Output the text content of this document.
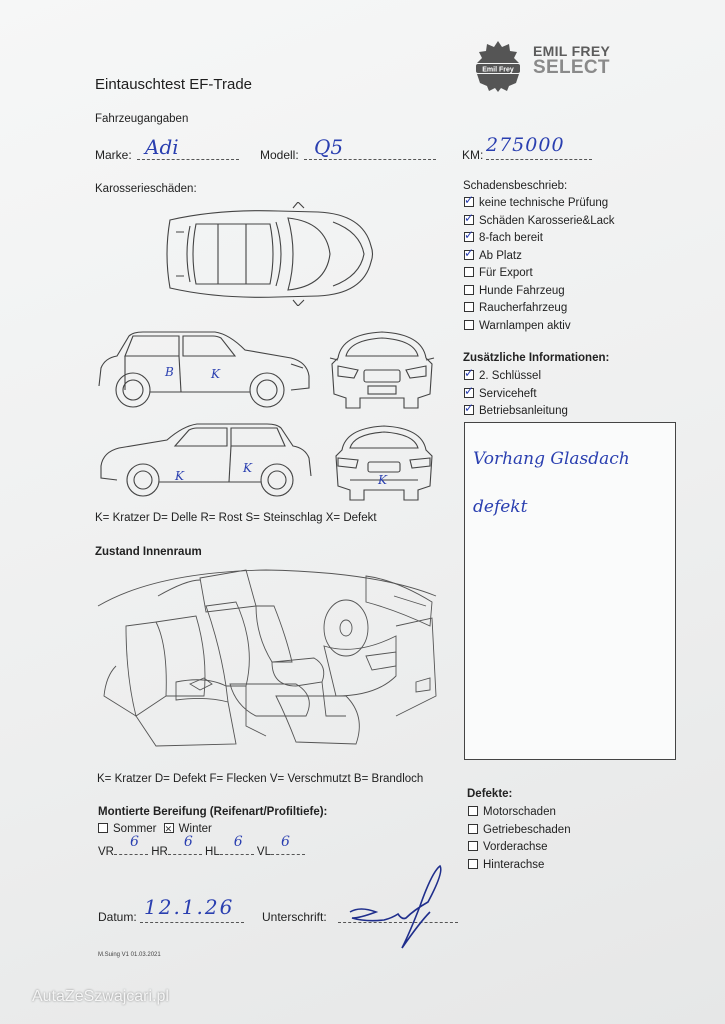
Emil Frey
EMIL FREY
SELECT
Eintauschtest EF-Trade
Fahrzeugangaben
Marke: Adi	Modell: Q5	KM: 275000
Karosserieschäden:
B	K
K
K
K
K= Kratzer D= Delle R= Rost S= Steinschlag X= Defekt
Zustand Innenraum
K= Kratzer D= Defekt F= Flecken V= Verschmutzt B= Brandloch
Montierte Bereifung (Reifenart/Profiltiefe):
Sommer ✕ Winter
VR
6
HR
6
HL
6
VL
6
Datum: 12.1.26 Unterschrift:
M.Suing V1 01.03.2021
Schadensbeschrieb:
✓keine technische Prüfung
✓Schäden Karosserie&Lack
✓8-fach bereit
✓Ab Platz
Für Export
Hunde Fahrzeug
Raucherfahrzeug
Warnlampen aktiv
Zusätzliche Informationen:
✓2. Schlüssel
✓Serviceheft
✓Betriebsanleitung
Vorhang Glasdach
defekt
Defekte:
Motorschaden
Getriebeschaden
Vorderachse
Hinterachse
AutaZeSzwajcari.pl
